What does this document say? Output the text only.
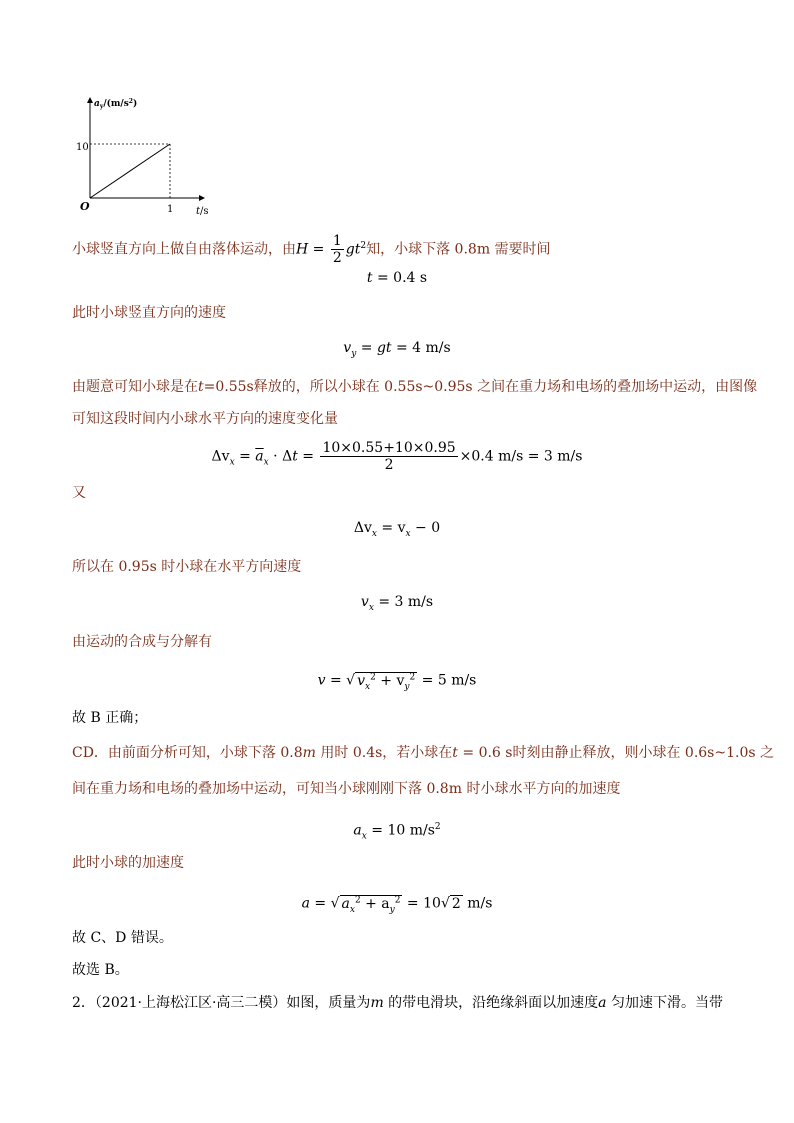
$a_y/(m/s^2)$
10
1 t/s
O
小球竖直方向上做自由落体运动，由$H = \frac{1}{2} gt^2$知，小球下落 0.8m 需要时间
t = 0.4 s
此时小球竖直方向的速度
$v_y$ = gt = 4 m/s
由题意可知小球是在t=0.55s释放的，所以小球在 0.55s~0.95s 之间在重力场和电场的叠加场中运动，由图像
可知这段时间内小球水平方向的速度变化量
$\Delta v_x = \overline{a}_x \cdot \Delta t = \frac{10\times 0.55+10\times 0.95}{2} \times 0.4$ m/s = 3 m/s
又
$\Delta v_x = v_x - 0$
所以在 0.95s 时小球在水平方向速度
$v_x = 3$ m/s
由运动的合成与分解有
v = √ $v_x^2 + v_y^2 = 5$ m/s
故 B 正确；
CD．由前面分析可知，小球下落 0.8m 用时 0.4s，若小球在t = 0.6 s时刻由静止释放，则小球在 0.6s~1.0s 之
间在重力场和电场的叠加场中运动，可知当小球刚刚下落 0.8m 时小球水平方向的加速度
$a_x = 10$ $m/s^2$
此时小球的加速度
a = √ $a_x^2 + a_y^2 = 10√$ 2 m/s
故 C、D 错误。
故选 B。
2．（2021·上海松江区·高三二模）如图，质量为m 的带电滑块，沿绝缘斜面以加速度a 匀加速下滑。当带
